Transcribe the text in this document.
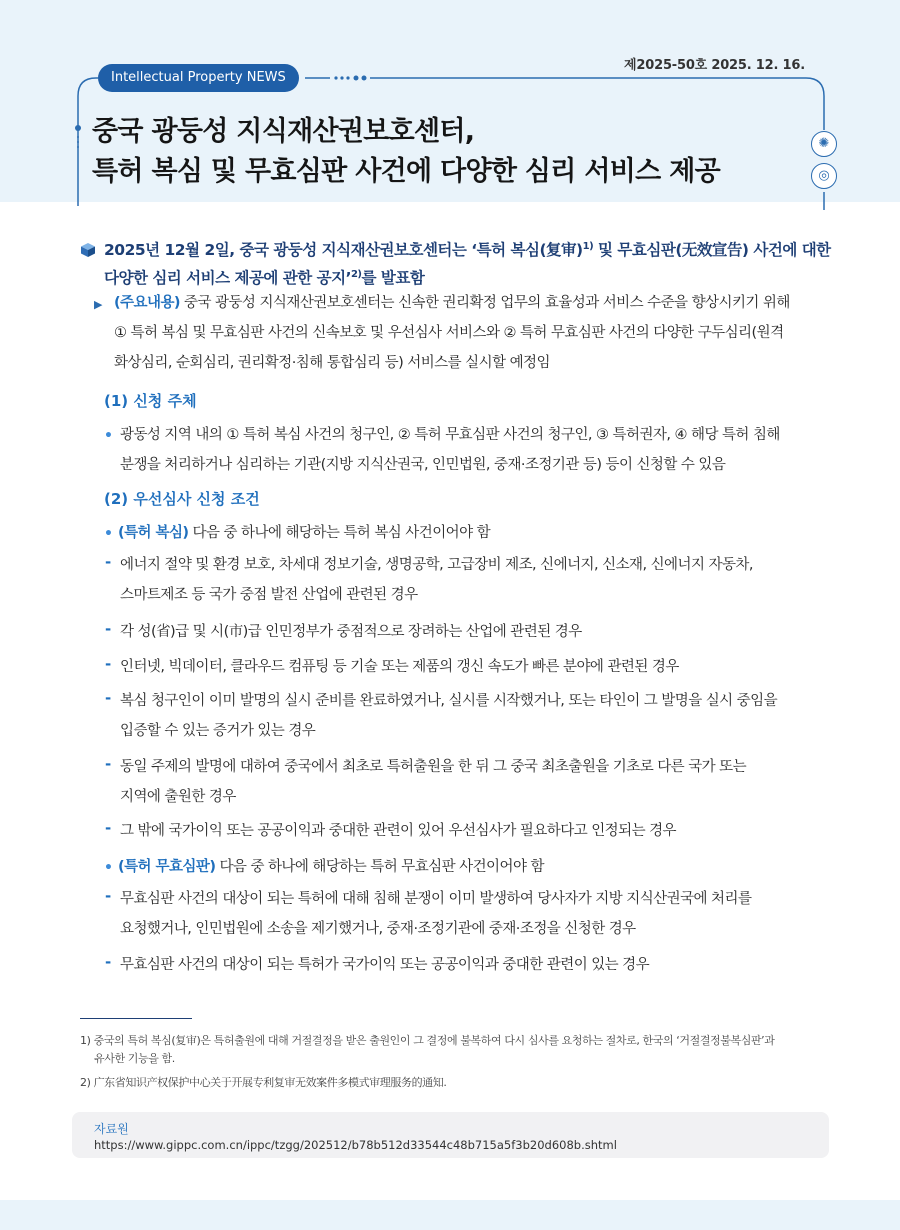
제2025-50호 2025. 12. 16.
Intellectual Property NEWS
중국 광둥성 지식재산권보호센터,
특허 복심 및 무효심판 사건에 다양한 심리 서비스 제공
✺
◎
2025년 12월 2일, 중국 광둥성 지식재산권보호센터는 ‘특허 복심(复审)$^{1)}$ 및 무효심판(无效宣告) 사건에 대한 다양한 심리 서비스 제공에 관한 공지’$^{2)}$를 발표함
▶ (주요내용) 중국 광둥성 지식재산권보호센터는 신속한 권리확정 업무의 효율성과 서비스 수준을 향상시키기 위해
① 특허 복심 및 무효심판 사건의 신속보호 및 우선심사 서비스와 ② 특허 무효심판 사건의 다양한 구두심리(원격
화상심리, 순회심리, 권리확정·침해 통합심리 등) 서비스를 실시할 예정임
(1) 신청 주체
• 광동성 지역 내의 ① 특허 복심 사건의 청구인, ② 특허 무효심판 사건의 청구인, ③ 특허권자, ④ 해당 특허 침해
분쟁을 처리하거나 심리하는 기관(지방 지식산권국, 인민법원, 중재·조정기관 등) 등이 신청할 수 있음
(2) 우선심사 신청 조건
• (특허 복심) 다음 중 하나에 해당하는 특허 복심 사건이어야 함
- 에너지 절약 및 환경 보호, 차세대 정보기술, 생명공학, 고급장비 제조, 신에너지, 신소재, 신에너지 자동차,
스마트제조 등 국가 중점 발전 산업에 관련된 경우
- 각 성(省)급 및 시(市)급 인민정부가 중점적으로 장려하는 산업에 관련된 경우
- 인터넷, 빅데이터, 클라우드 컴퓨팅 등 기술 또는 제품의 갱신 속도가 빠른 분야에 관련된 경우
- 복심 청구인이 이미 발명의 실시 준비를 완료하였거나, 실시를 시작했거나, 또는 타인이 그 발명을 실시 중임을
입증할 수 있는 증거가 있는 경우
- 동일 주제의 발명에 대하여 중국에서 최초로 특허출원을 한 뒤 그 중국 최초출원을 기초로 다른 국가 또는
지역에 출원한 경우
- 그 밖에 국가이익 또는 공공이익과 중대한 관련이 있어 우선심사가 필요하다고 인정되는 경우
• (특허 무효심판) 다음 중 하나에 해당하는 특허 무효심판 사건이어야 함
- 무효심판 사건의 대상이 되는 특허에 대해 침해 분쟁이 이미 발생하여 당사자가 지방 지식산권국에 처리를
요청했거나, 인민법원에 소송을 제기했거나, 중재·조정기관에 중재·조정을 신청한 경우
- 무효심판 사건의 대상이 되는 특허가 국가이익 또는 공공이익과 중대한 관련이 있는 경우
1) 중국의 특허 복심(复审)은 특허출원에 대해 거절결정을 받은 출원인이 그 결정에 불복하여 다시 심사를 요청하는 절차로, 한국의 ‘거절결정불복심판’과
유사한 기능을 함.
2) 广东省知识产权保护中心关于开展专利复审无效案件多模式审理服务的通知.
자료원
https://www.gippc.com.cn/ippc/tzgg/202512/b78b512d33544c48b715a5f3b20d608b.shtml
